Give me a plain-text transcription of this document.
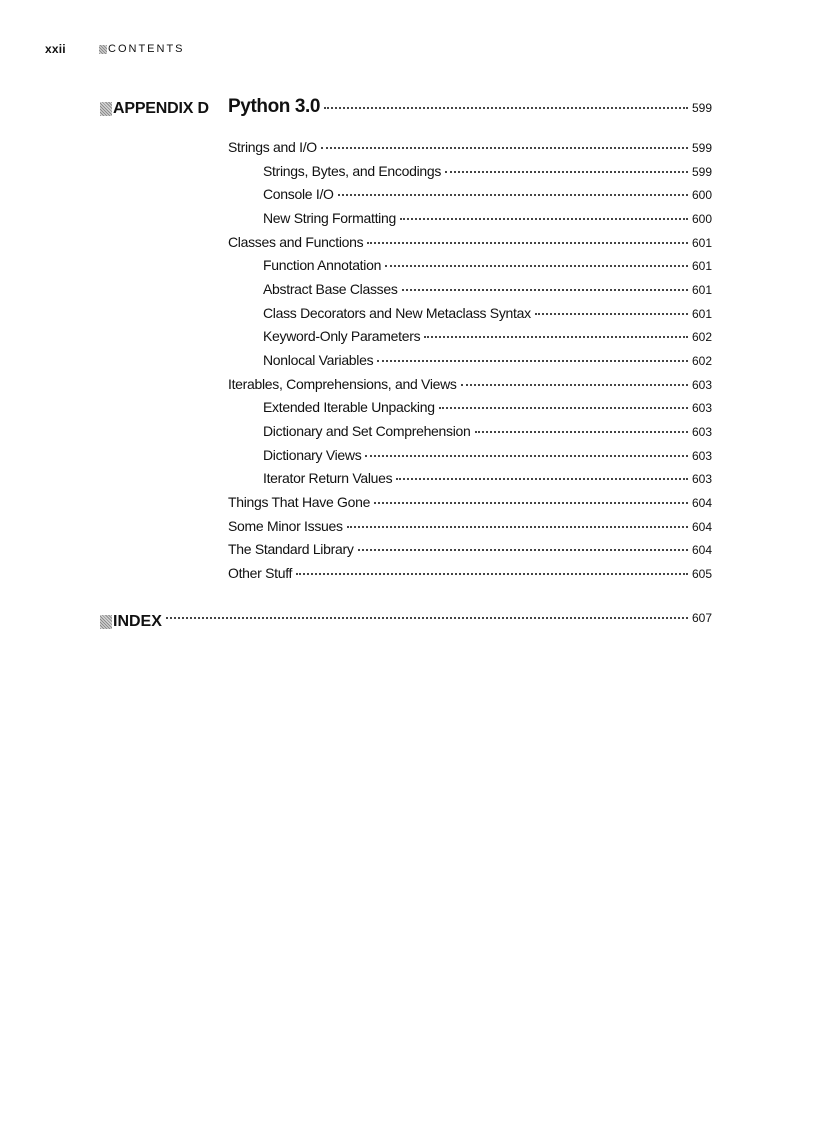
xxii	CONTENTS
APPENDIX D Python 3.0	599
Strings and I/O	599
Strings, Bytes, and Encodings	599
Console I/O	600
New String Formatting	600
Classes and Functions	601
Function Annotation	601
Abstract Base Classes	601
Class Decorators and New Metaclass Syntax	601
Keyword-Only Parameters	602
Nonlocal Variables	602
Iterables, Comprehensions, and Views	603
Extended Iterable Unpacking	603
Dictionary and Set Comprehension	603
Dictionary Views	603
Iterator Return Values	603
Things That Have Gone	604
Some Minor Issues	604
The Standard Library	604
Other Stuff	605
INDEX	607
